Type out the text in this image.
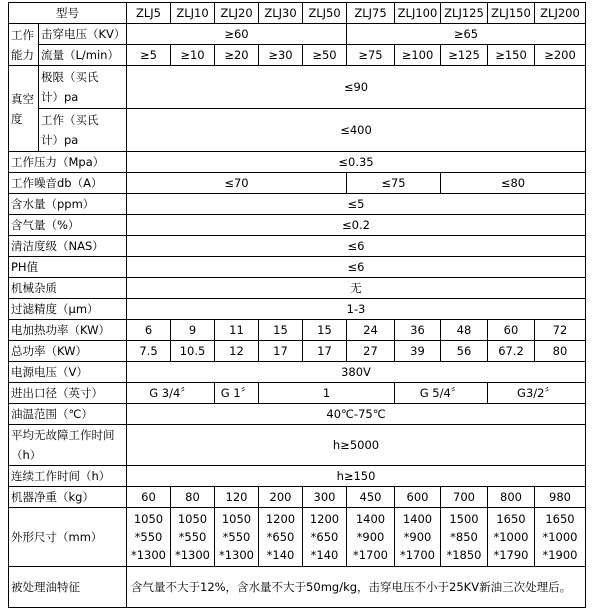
型号		ZLJ5	ZLJ10	ZLJ20	ZLJ30	ZLJ50	ZLJ75	ZLJ100	ZLJ125	ZLJ150	ZLJ200

工作
能力	击穿电压（KV）	≥60					≥65				
	流量（L/min）	≥5	≥10	≥20	≥30	≥50	≥75	≥100	≥125	≥150	≥200

真空
度	极限（买氏
计）pa	≤90									

	工作（买氏
计）pa	≤400									
工作压力（Mpa）		≤0.35									
工作噪音db（A）		≤70					≤75		≤80		
含水量（ppm）		≤5									
含气量（%）		≤0.2									
清洁度级（NAS）		≤6									
PH值		≤6									
机械杂质		无									
过滤精度（μm）		1-3									
电加热功率（KW）		6	9	11	15	15	24	36	48	60	72
总功率（KW）		7.5	10.5	12	17	17	27	39	56	67.2	80
电源电压（V）		380V									
进出口径（英寸）		G 3/4〞		G 1〞	1			G 5/4〞		G3/2〞	
油温范围（℃）		40℃-75℃									

平均无故障工作时间
（h）		h≥5000									
连续工作时间（h）		h≥150									
机器净重（kg）		60	80	120	200	300	450	600	700	800	980
外形尺寸（mm）		1050
*550
*1300	1050
*550
*1300	1050
*550
*1300	1200
*650
*140	1200
*650
*140	1400
*900
*1700	1400
*900
*1700	1500
*850
*1850	1650
*1000
*1790	1650
*1000
*1900

被处理油特征		含气量不大于12%，含水量不大于50mg/kg，击穿电压不小于25KV新油三次处理后。									
